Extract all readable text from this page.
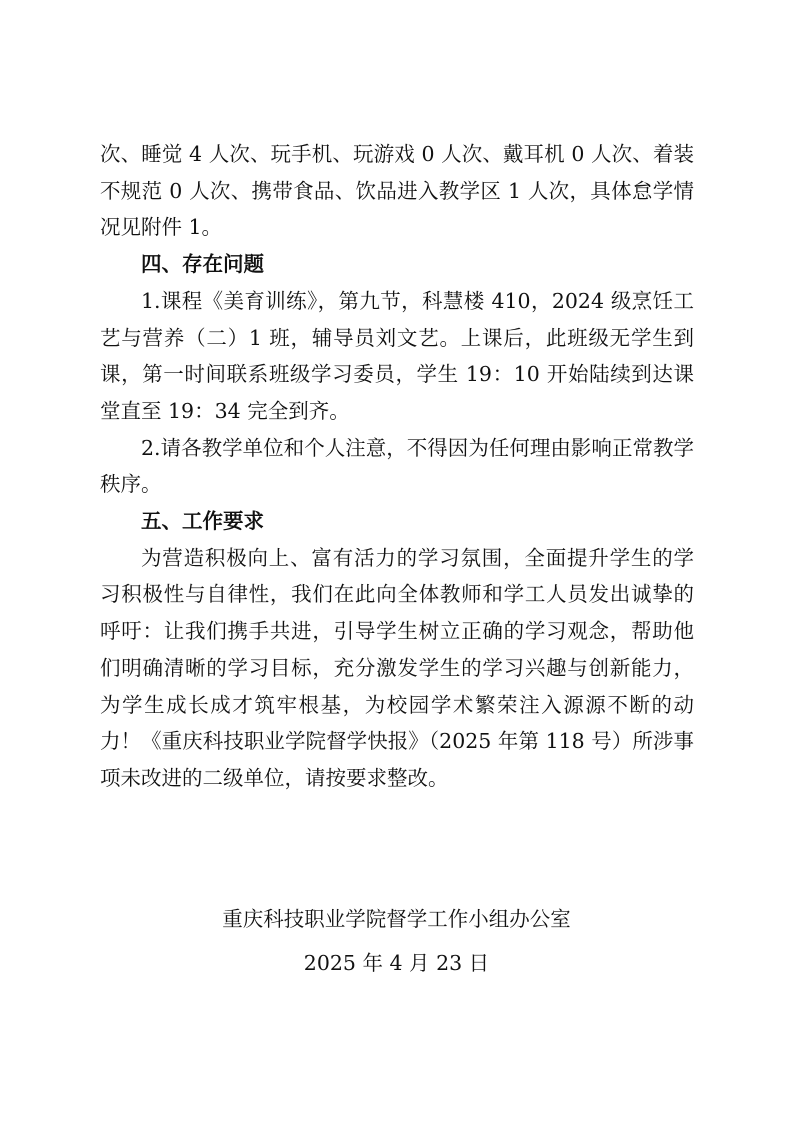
次、睡觉 4 人次、玩手机、玩游戏 0 人次、戴耳机 0 人次、着装不规范 0 人次、携带食品、饮品进入教学区 1 人次，具体怠学情况见附件 1。

四、存在问题

1.课程《美育训练》，第九节，科慧楼 410，2024 级烹饪工艺与营养（二）1 班，辅导员刘文艺。上课后，此班级无学生到课，第一时间联系班级学习委员，学生 19：10 开始陆续到达课堂直至 19：34 完全到齐。

2.请各教学单位和个人注意，不得因为任何理由影响正常教学秩序。

五、工作要求

为营造积极向上、富有活力的学习氛围，全面提升学生的学习积极性与自律性，我们在此向全体教师和学工人员发出诚挚的呼吁：让我们携手共进，引导学生树立正确的学习观念，帮助他们明确清晰的学习目标，充分激发学生的学习兴趣与创新能力，为学生成长成才筑牢根基，为校园学术繁荣注入源源不断的动力！《重庆科技职业学院督学快报》（2025 年第 118 号）所涉事项未改进的二级单位，请按要求整改。

重庆科技职业学院督学工作小组办公室
2025 年 4 月 23 日
